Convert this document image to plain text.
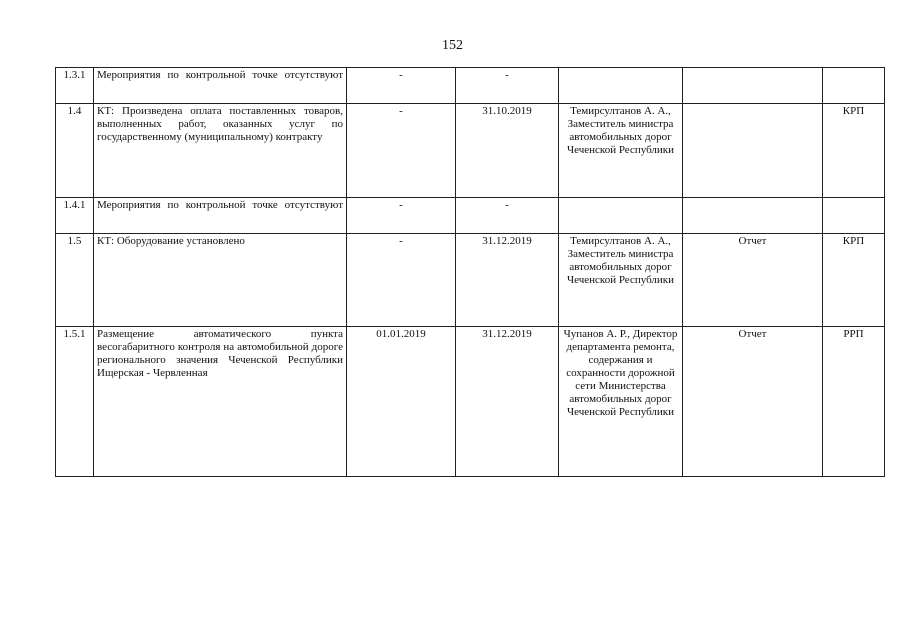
152
1.3.1	Мероприятия по контрольной точке отсутствуют	-	-			
1.4	КТ: Произведена оплата поставленных товаров, выполненных работ, оказанных услуг по государственному (муниципальному) контракту	-	31.10.2019	Темирсултанов А. А., Заместитель министра автомобильных дорог Чеченской Республики		КРП
1.4.1	Мероприятия по контрольной точке отсутствуют	-	-			
1.5	КТ: Оборудование установлено	-	31.12.2019	Темирсултанов А. А., Заместитель министра автомобильных дорог Чеченской Республики	Отчет	КРП
1.5.1	Размещение автоматического пункта весогабаритного контроля на автомобильной дороге регионального значения Чеченской Республики Ищерская - Червленная	01.01.2019	31.12.2019	Чупанов А. Р., Директор департамента ремонта, содержания и сохранности дорожной сети Министерства автомобильных дорог Чеченской Республики	Отчет	РРП
